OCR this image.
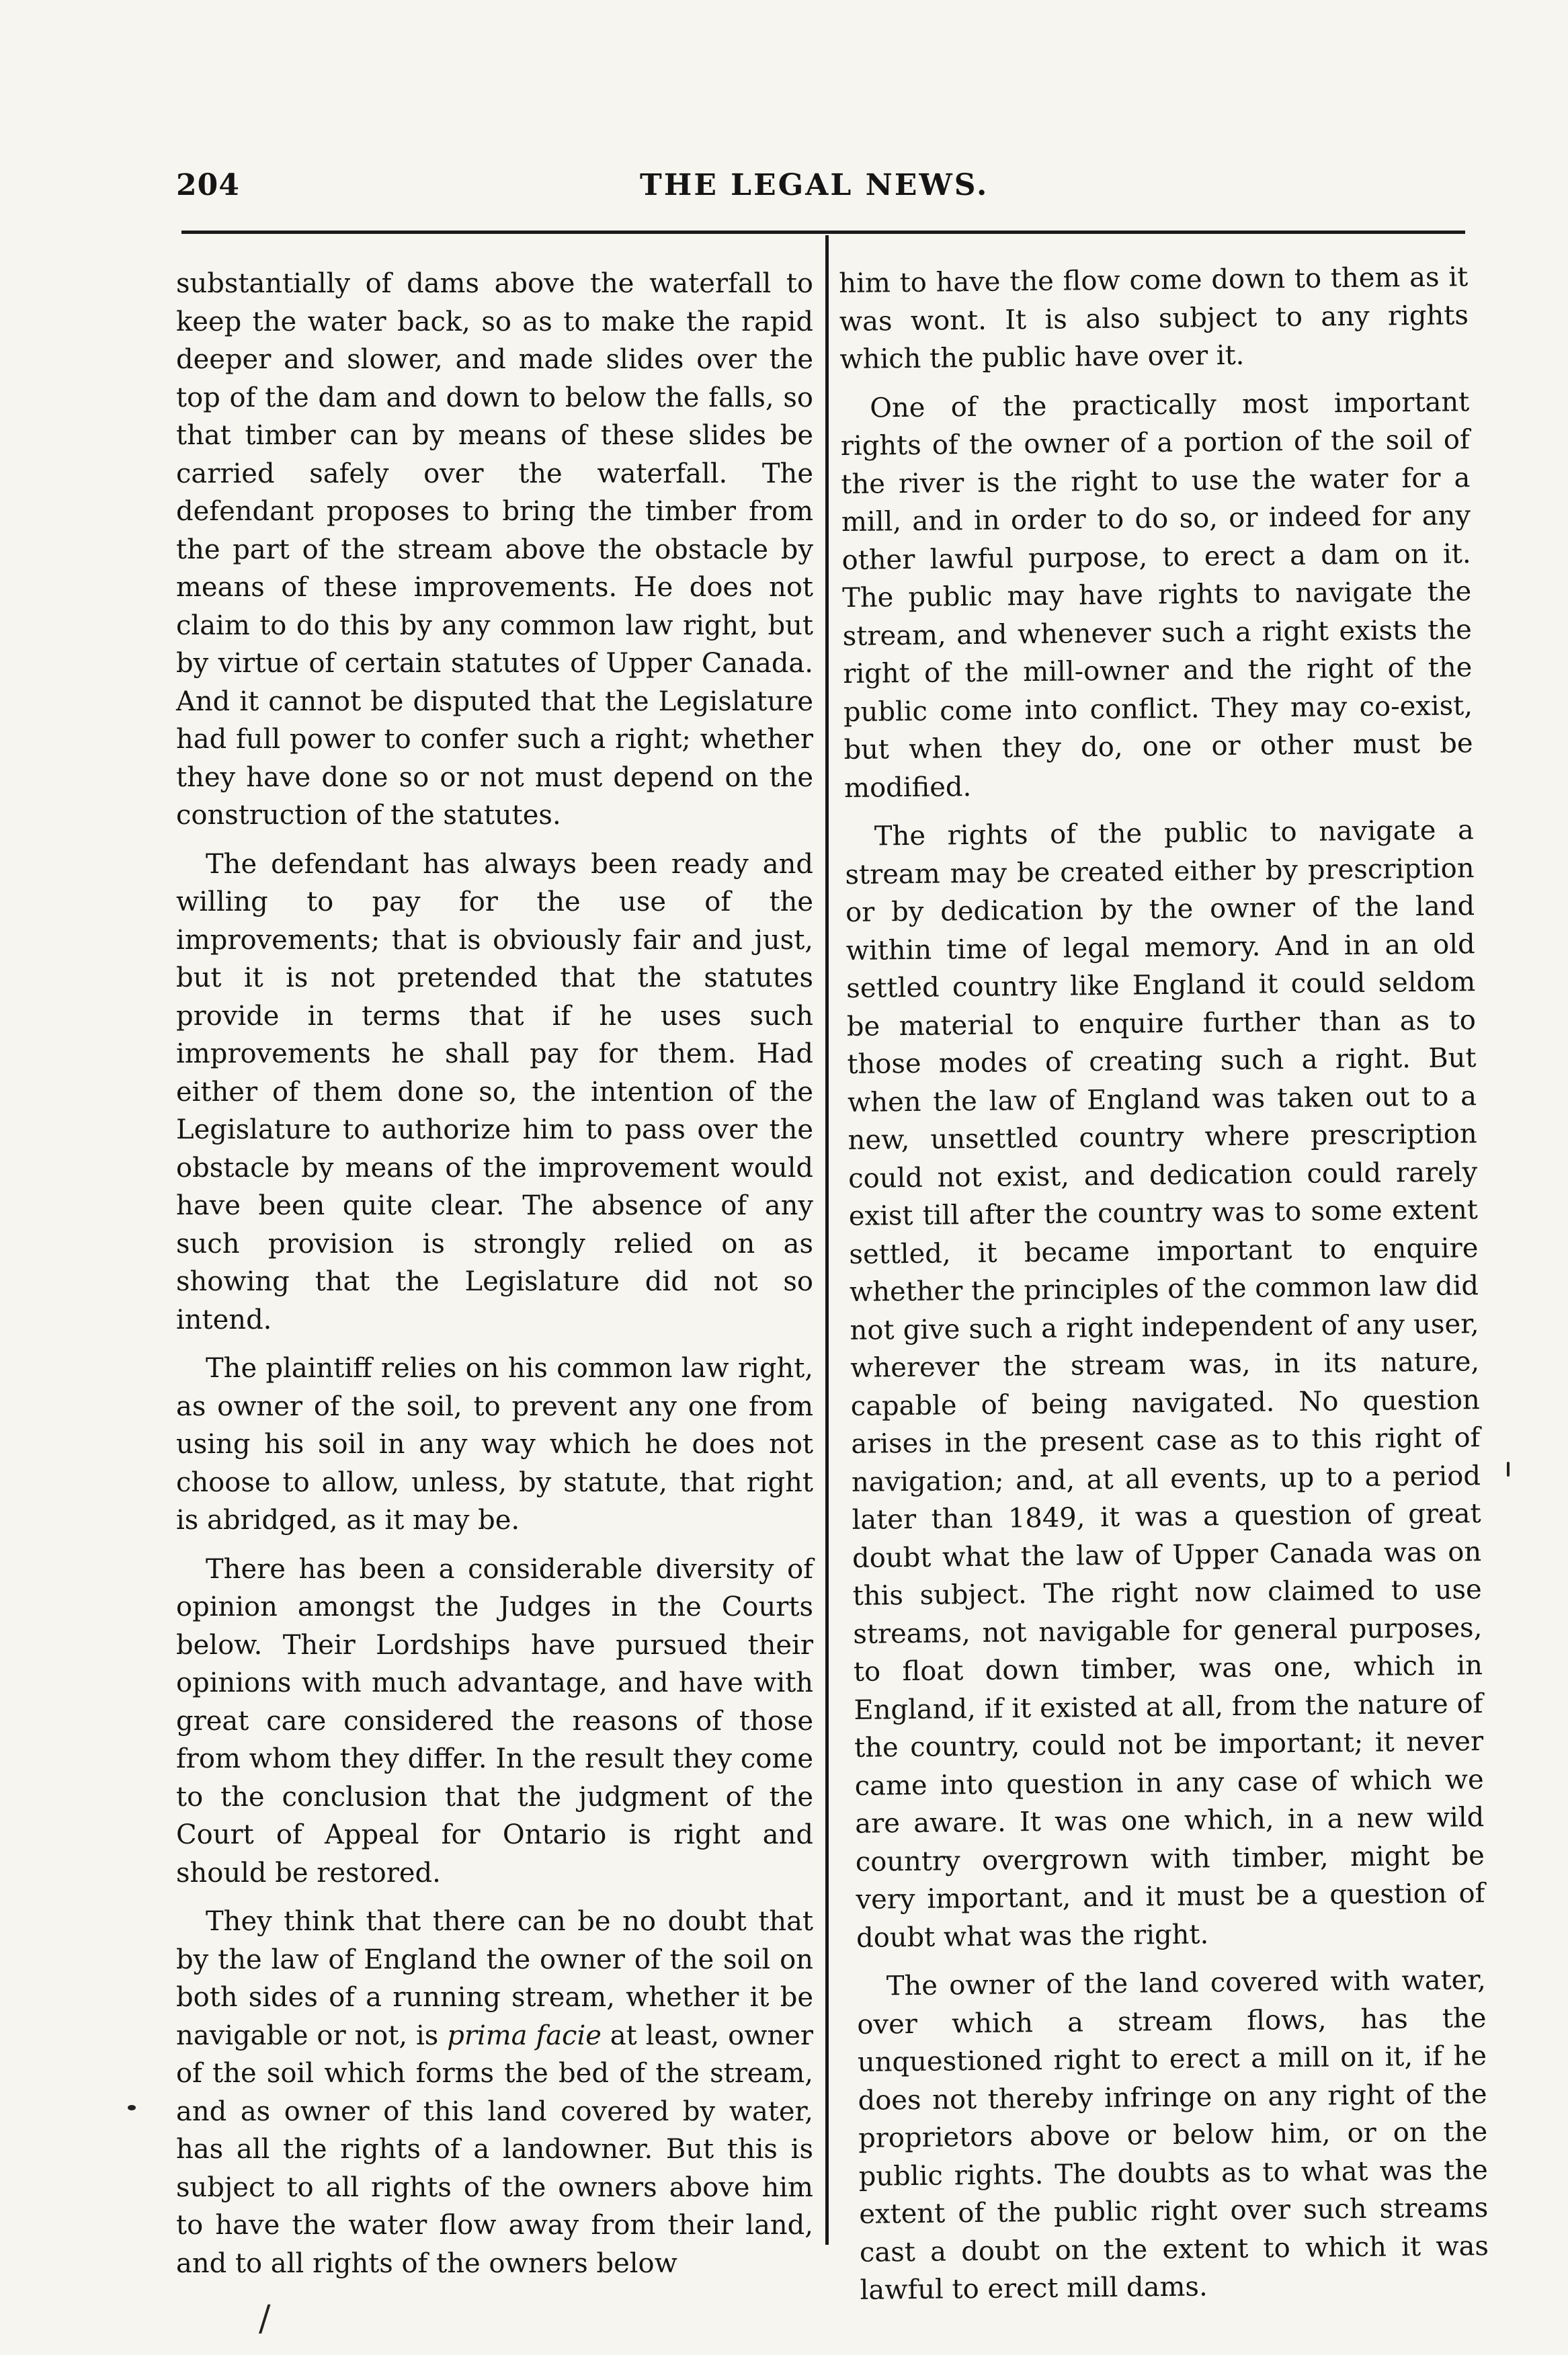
204	THE LEGAL NEWS.

substantially of dams above the waterfall to keep the water back, so as to make the rapid deeper and slower, and made slides over the top of the dam and down to below the falls, so that timber can by means of these slides be carried safely over the waterfall. The defendant proposes to bring the timber from the part of the stream above the obstacle by means of these improvements. He does not claim to do this by any common law right, but by virtue of certain statutes of Upper Canada. And it cannot be disputed that the Legislature had full power to confer such a right; whether they have done so or not must depend on the construction of the statutes.

The defendant has always been ready and willing to pay for the use of the improvements; that is obviously fair and just, but it is not pretended that the statutes provide in terms that if he uses such improvements he shall pay for them. Had either of them done so, the intention of the Legislature to authorize him to pass over the obstacle by means of the improvement would have been quite clear. The absence of any such provision is strongly relied on as showing that the Legislature did not so intend.

The plaintiff relies on his common law right, as owner of the soil, to prevent any one from using his soil in any way which he does not choose to allow, unless, by statute, that right is abridged, as it may be.

There has been a considerable diversity of opinion amongst the Judges in the Courts below. Their Lordships have pursued their opinions with much advantage, and have with great care considered the reasons of those from whom they differ. In the result they come to the conclusion that the judgment of the Court of Appeal for Ontario is right and should be restored.

They think that there can be no doubt that by the law of England the owner of the soil on both sides of a running stream, whether it be navigable or not, is prima facie at least, owner of the soil which forms the bed of the stream, and as owner of this land covered by water, has all the rights of a landowner. But this is subject to all rights of the owners above him to have the water flow away from their land, and to all rights of the owners below

him to have the flow come down to them as it was wont. It is also subject to any rights which the public have over it.

One of the practically most important rights of the owner of a portion of the soil of the river is the right to use the water for a mill, and in order to do so, or indeed for any other lawful purpose, to erect a dam on it. The public may have rights to navigate the stream, and whenever such a right exists the right of the mill-owner and the right of the public come into conflict. They may co-exist, but when they do, one or other must be modified.

The rights of the public to navigate a stream may be created either by prescription or by dedication by the owner of the land within time of legal memory. And in an old settled country like England it could seldom be material to enquire further than as to those modes of creating such a right. But when the law of England was taken out to a new, unsettled country where prescription could not exist, and dedication could rarely exist till after the country was to some extent settled, it became important to enquire whether the principles of the common law did not give such a right independent of any user, wherever the stream was, in its nature, capable of being navigated. No question arises in the present case as to this right of navigation; and, at all events, up to a period later than 1849, it was a question of great doubt what the law of Upper Canada was on this subject. The right now claimed to use streams, not navigable for general purposes, to float down timber, was one, which in England, if it existed at all, from the nature of the country, could not be important; it never came into question in any case of which we are aware. It was one which, in a new wild country overgrown with timber, might be very important, and it must be a question of doubt what was the right.

The owner of the land covered with water, over which a stream flows, has the unquestioned right to erect a mill on it, if he does not thereby infringe on any right of the proprietors above or below him, or on the public rights. The doubts as to what was the extent of the public right over such streams cast a doubt on the extent to which it was lawful to erect mill dams.

/
